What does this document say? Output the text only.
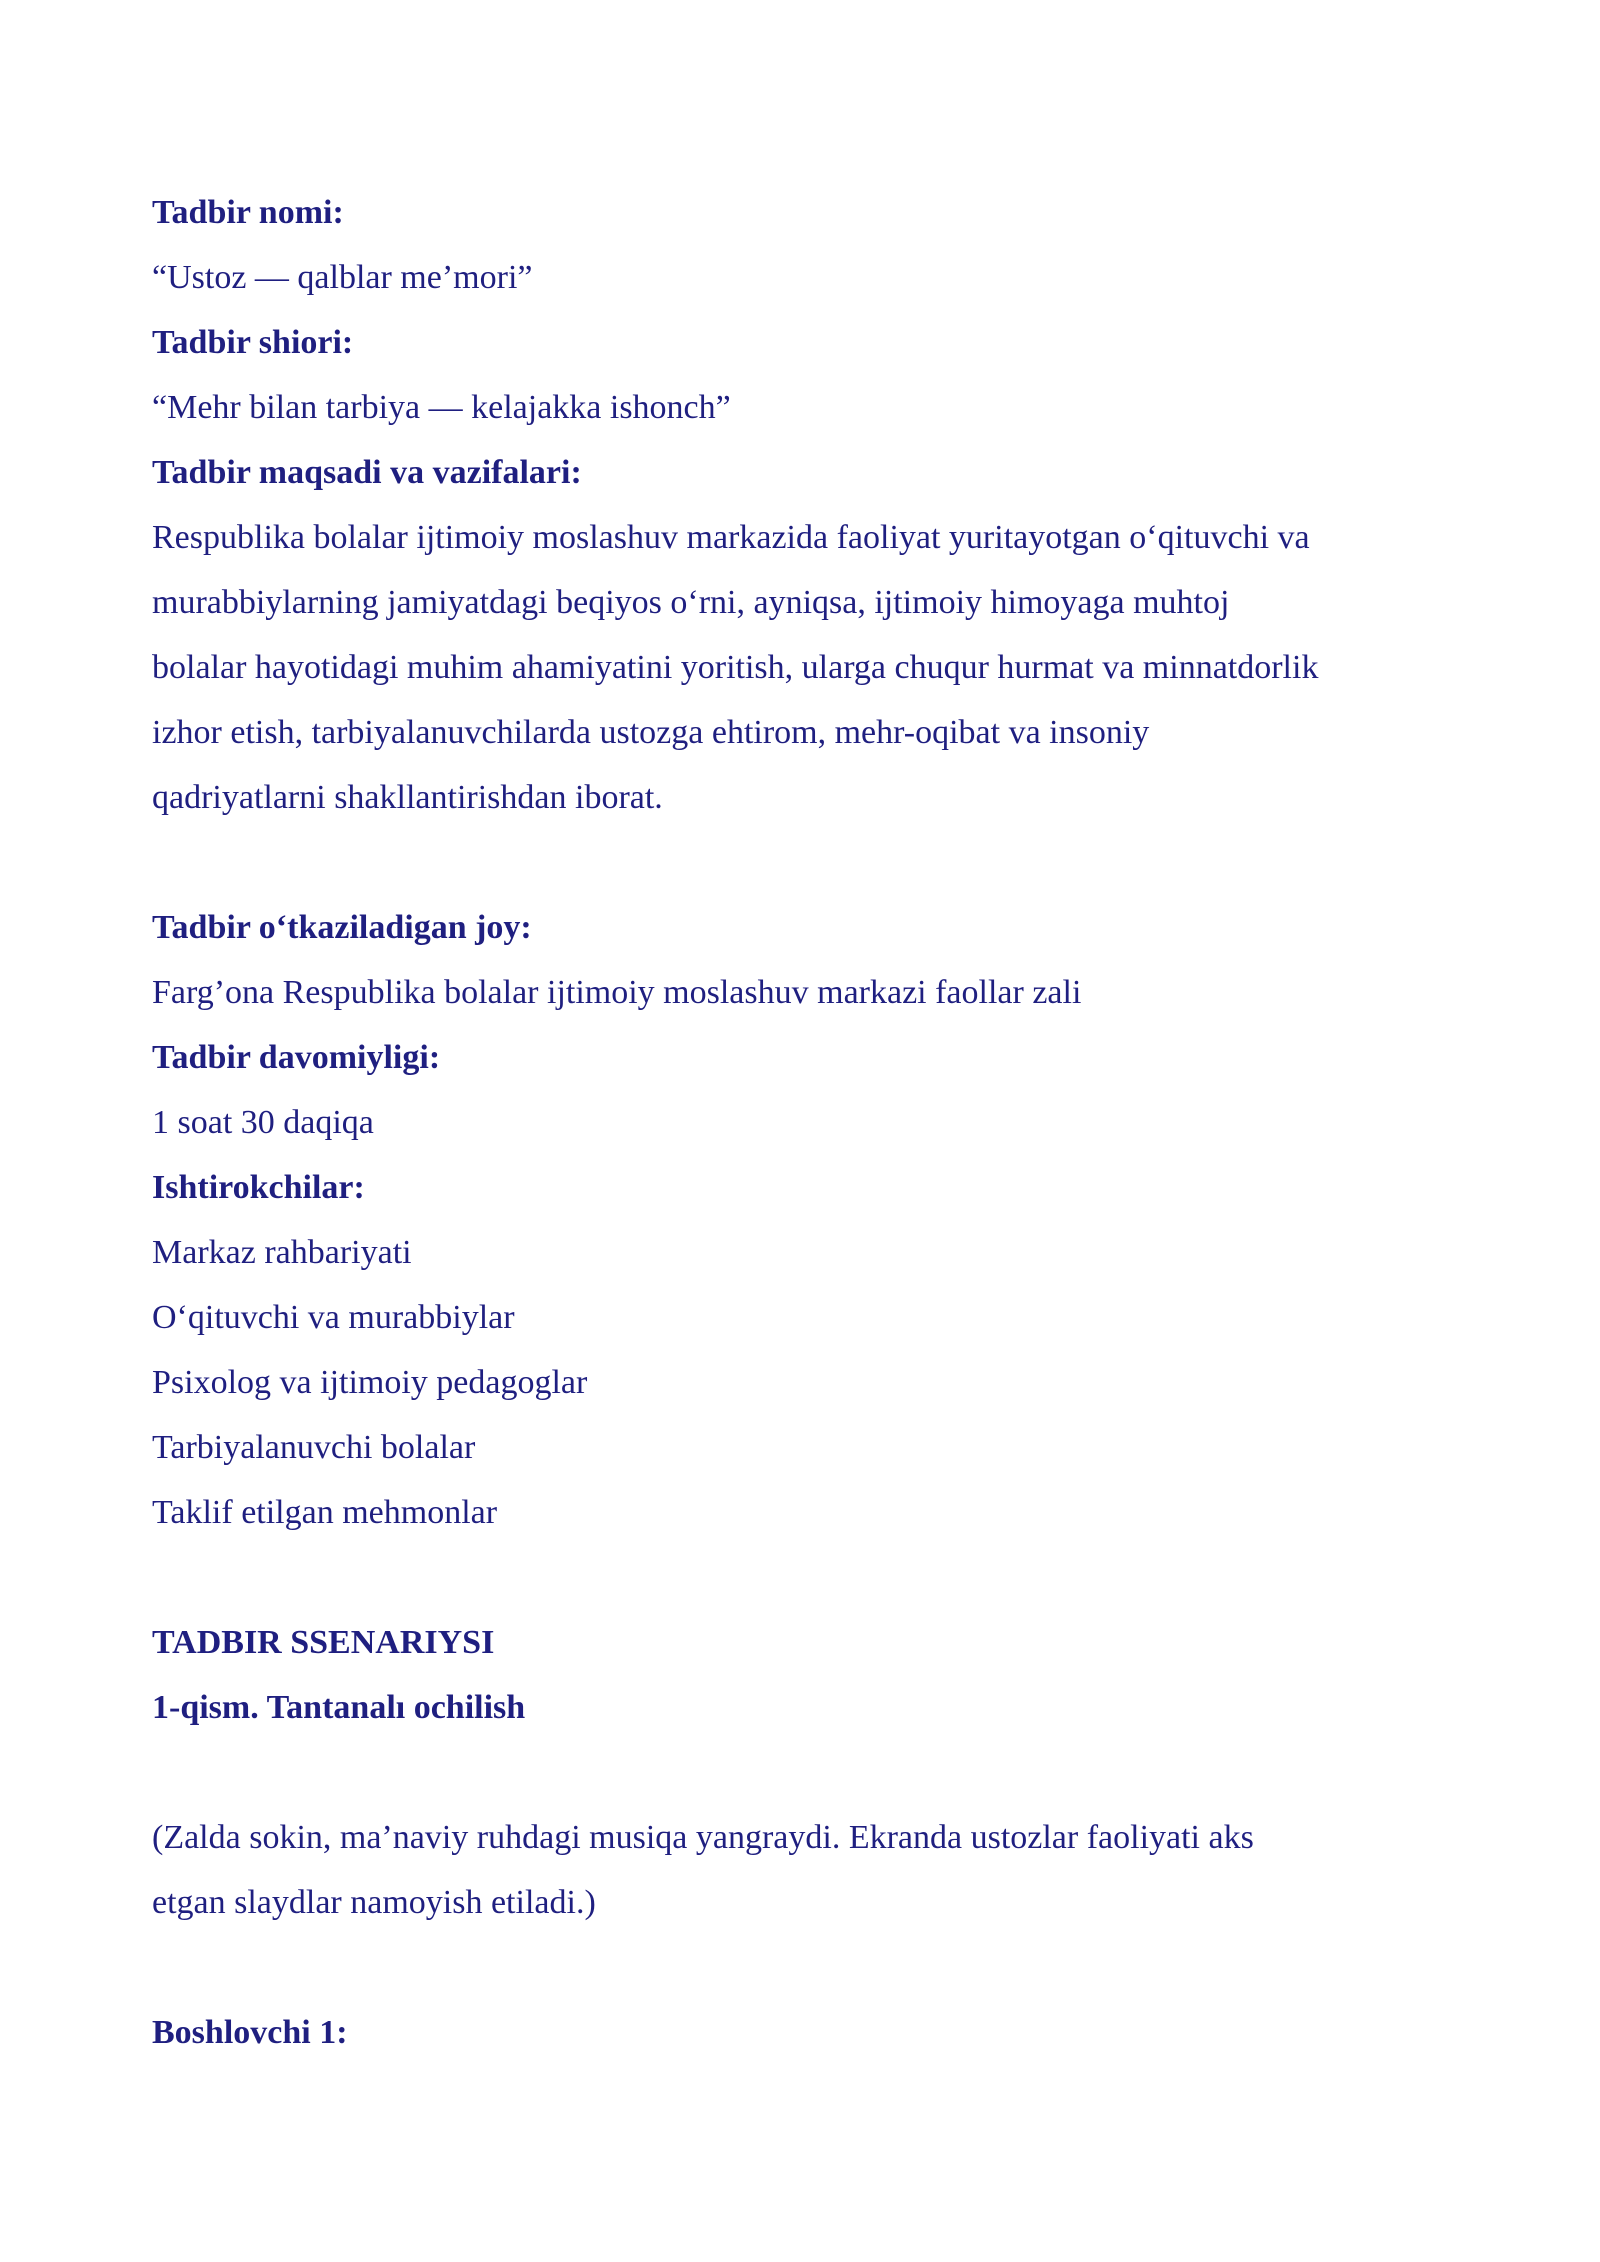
Tadbir nomi:
“Ustoz — qalblar me’mori”
Tadbir shiori:
“Mehr bilan tarbiya — kelajakka ishonch”
Tadbir maqsadi va vazifalari:
Respublika bolalar ijtimoiy moslashuv markazida faoliyat yuritayotgan o‘qituvchi va
murabbiylarning jamiyatdagi beqiyos o‘rni, ayniqsa, ijtimoiy himoyaga muhtoj
bolalar hayotidagi muhim ahamiyatini yoritish, ularga chuqur hurmat va minnatdorlik
izhor etish, tarbiyalanuvchilarda ustozga ehtirom, mehr-oqibat va insoniy
qadriyatlarni shakllantirishdan iborat.
Tadbir o‘tkaziladigan joy:
Farg’ona Respublika bolalar ijtimoiy moslashuv markazi faollar zali
Tadbir davomiyligi:
1 soat 30 daqiqa
Ishtirokchilar:
Markaz rahbariyati
O‘qituvchi va murabbiylar
Psixolog va ijtimoiy pedagoglar
Tarbiyalanuvchi bolalar
Taklif etilgan mehmonlar
TADBIR SSENARIYSI
1-qism. Tantanalı ochilish
(Zalda sokin, ma’naviy ruhdagi musiqa yangraydi. Ekranda ustozlar faoliyati aks
etgan slaydlar namoyish etiladi.)
Boshlovchi 1:
